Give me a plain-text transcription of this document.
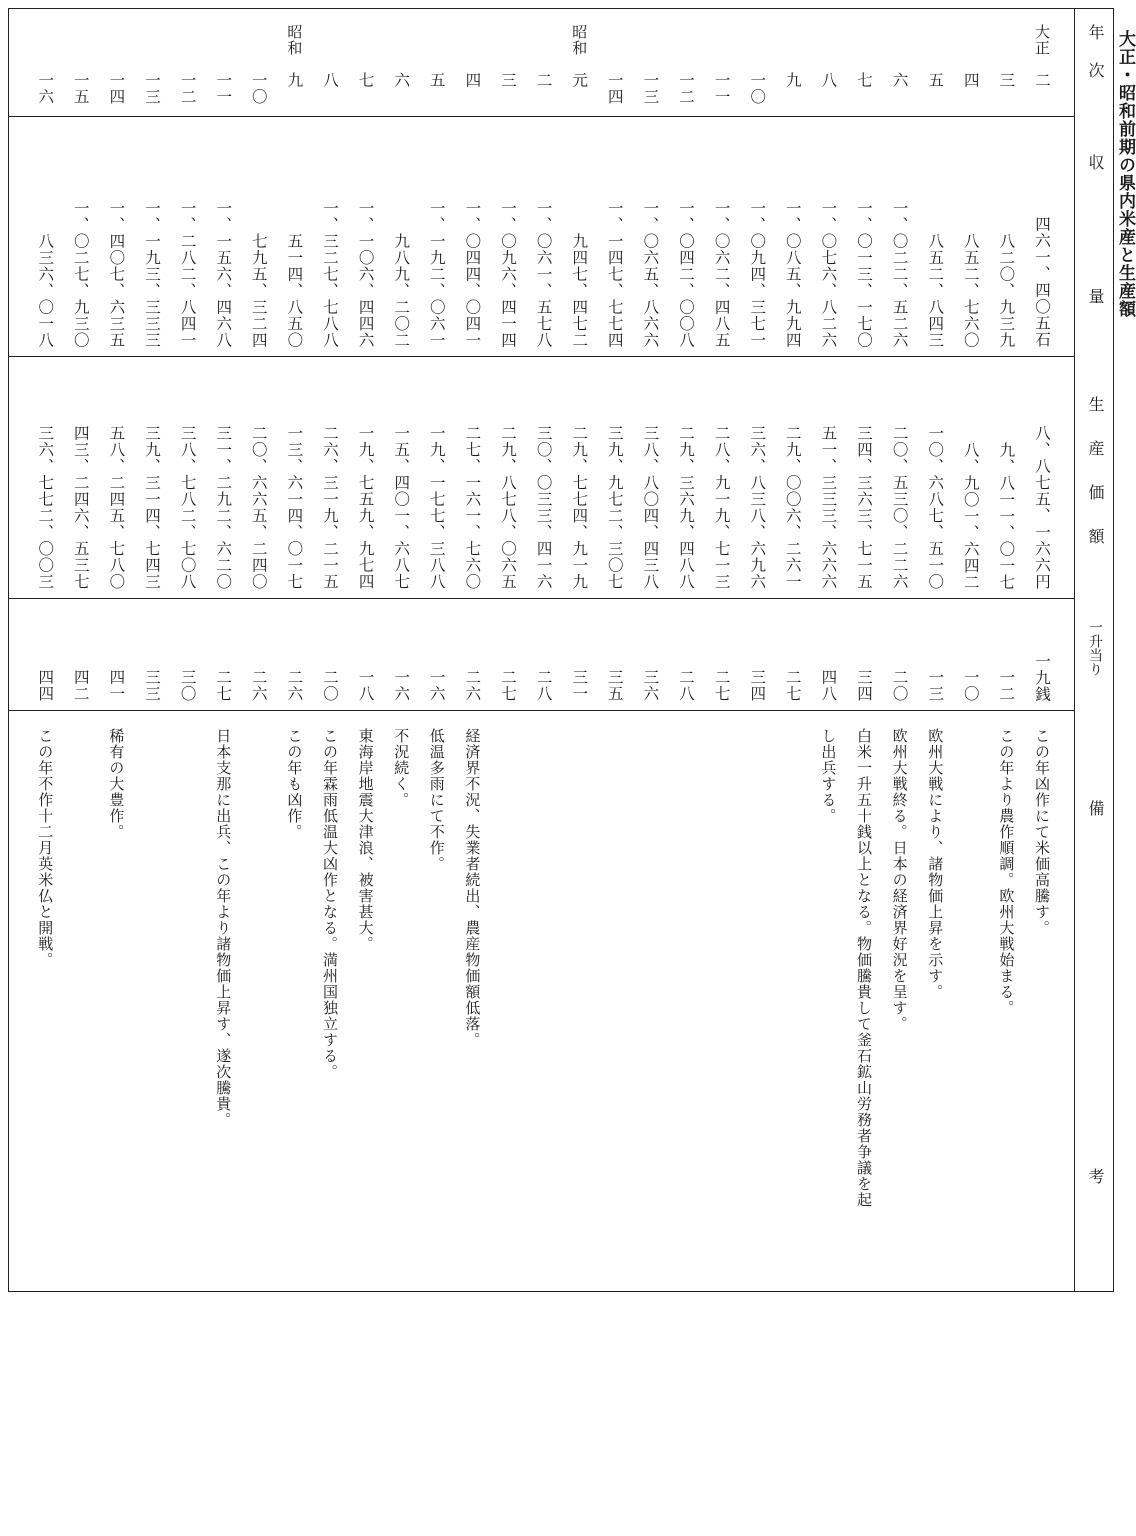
大正・昭和前期の県内米産と生産額
年次
収量
生産価額
一升当り
備考
大正
二
四六一、四〇五石
八、八七五、一六六円
一九銭
三
八二〇、九三九
九、八一一、〇一七
一二
四
八五二、七六〇
八、九〇一、六四二
一〇
五
八五二、八四三
一〇、六八七、五一〇
一三
六
一、〇二二、五二六
二〇、五三〇、二二六
二〇
七
一、〇一三、一七〇
三四、三六三、七一五
三四
八
一、〇七六、八二六
五一、三三三、六六六
四八
九
一、〇八五、九九四
二九、〇〇六、二六一
二七
一〇
一、〇九四、三七一
三六、八三八、六九六
三四
一一
一、〇六二、四八五
二八、九一九、七一三
二七
一二
一、〇四二、〇〇八
二九、三六九、四八八
二八
一三
一、〇六五、八六六
三八、八〇四、四三八
三六
一四
一、一四七、七七四
三九、九七二、三〇七
三五
昭和
元
九四七、四七二
二九、七七四、九一九
三一
二
一、〇六一、五七八
三〇、〇三三、四一六
二八
三
一、〇九六、四一四
二九、八七八、〇六五
二七
四
一、〇四四、〇四一
二七、一六一、七六〇
二六
五
一、一九二、〇六一
一九、一七七、三八八
一六
六
九八九、二〇二
一五、四〇一、六八七
一六
七
一、一〇六、四四六
一九、七五九、九七四
一八
八
一、三二七、七八八
二六、三一九、二一五
二〇
昭和
九
五一四、八五〇
一三、六一四、〇一七
二六
一〇
七九五、三二四
二〇、六六五、二四〇
二六
一一
一、一五六、四六八
三一、二九二、六二〇
二七
一二
一、二八二、八四一
三八、七八二、七〇八
三〇
一三
一、一九三、三三三
三九、三一四、七四三
三三
一四
一、四〇七、六三五
五八、二四五、七八〇
四一
一五
一、〇二七、九三〇
四三、二四六、五三七
四二
一六
八三六、〇一八
三六、七七二、〇〇三
四四
この年凶作にて米価高騰す。
この年より農作順調。欧州大戦始まる。
欧州大戦により、諸物価上昇を示す。
欧州大戦終る。日本の経済界好況を呈す。
白米一升五十銭以上となる。物価騰貴して釜石鉱山労務者争議を起
し出兵する。
経済界不況、失業者続出、農産物価額低落。
低温多雨にて不作。
不況続く。
東海岸地震大津浪、被害甚大。
この年霖雨低温大凶作となる。満州国独立する。
この年も凶作。
日本支那に出兵、この年より諸物価上昇す、遂次騰貴。
稀有の大豊作。
この年不作十二月英米仏と開戦。
